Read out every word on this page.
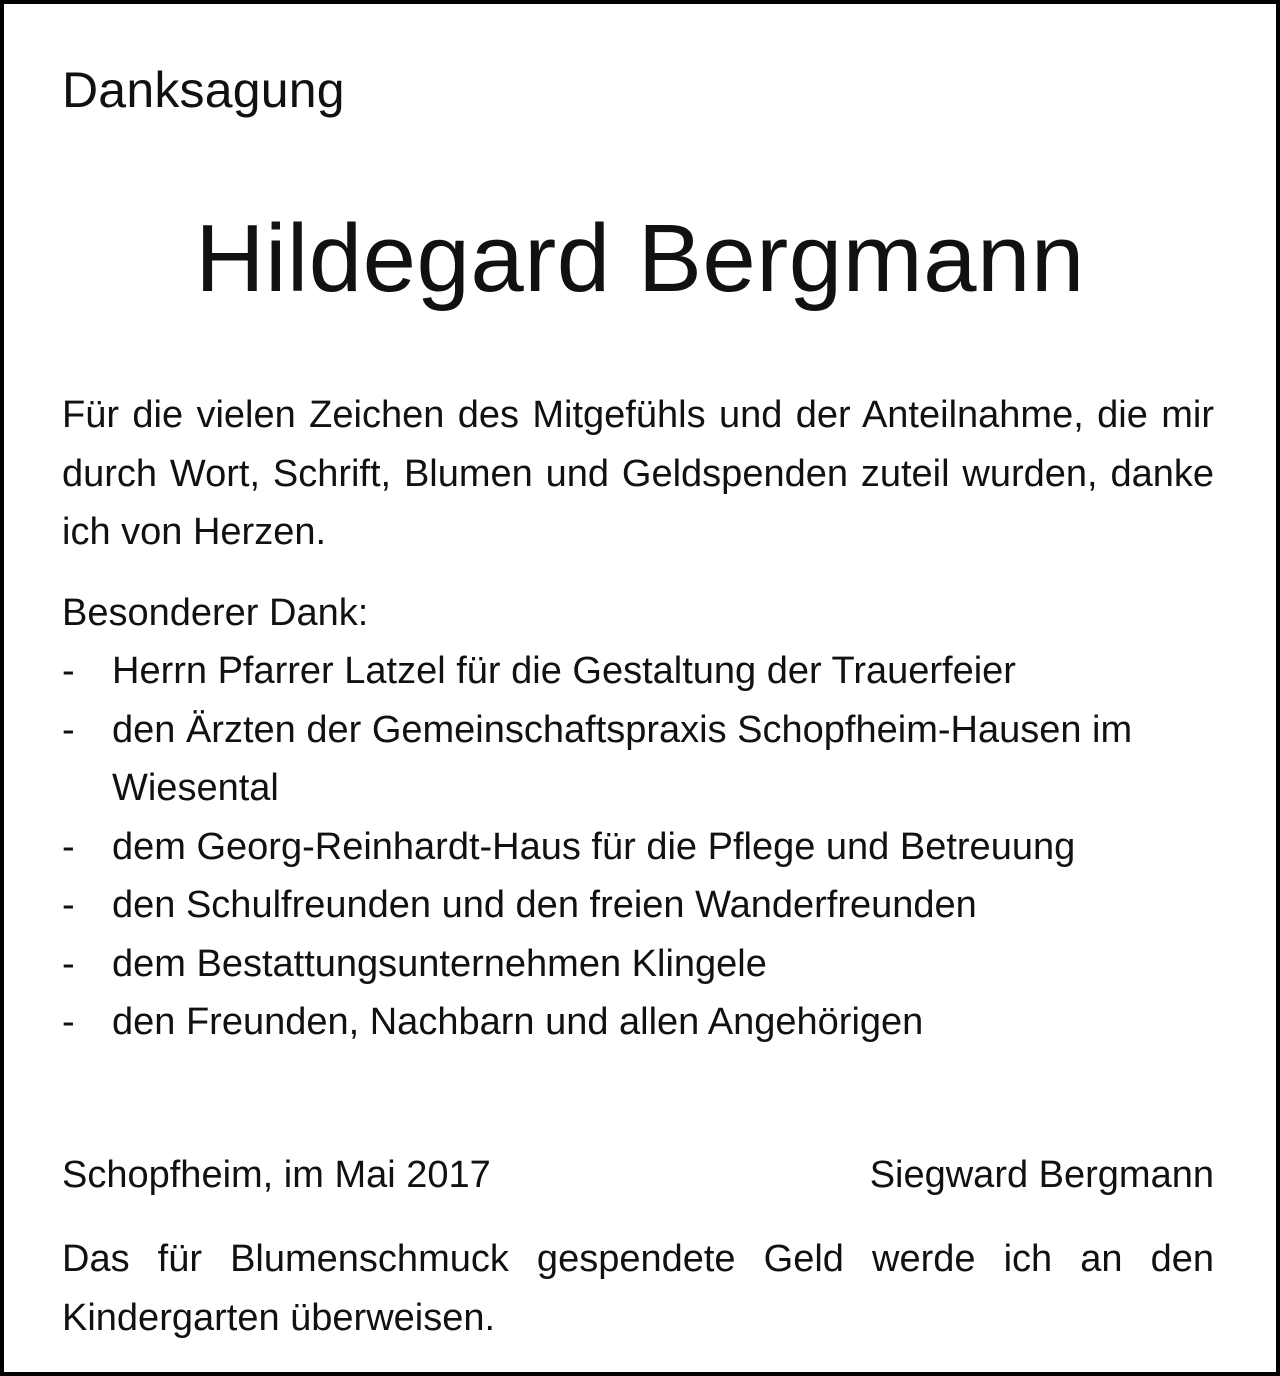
Danksagung
Hildegard Bergmann
Für die vielen Zeichen des Mitgefühls und der Anteilnahme, die mir durch Wort, Schrift, Blumen und Geldspenden zuteil wurden, danke ich von Herzen.
Besonderer Dank:
- Herrn Pfarrer Latzel für die Gestaltung der Trauerfeier
- den Ärzten der Gemeinschaftspraxis Schopfheim-Hausen im Wiesental
- dem Georg-Reinhardt-Haus für die Pflege und Betreuung
- den Schulfreunden und den freien Wanderfreunden
- dem Bestattungsunternehmen Klingele
- den Freunden, Nachbarn und allen Angehörigen
Schopfheim, im Mai 2017	Siegward Bergmann
Das für Blumenschmuck gespendete Geld werde ich an den Kindergarten überweisen.
